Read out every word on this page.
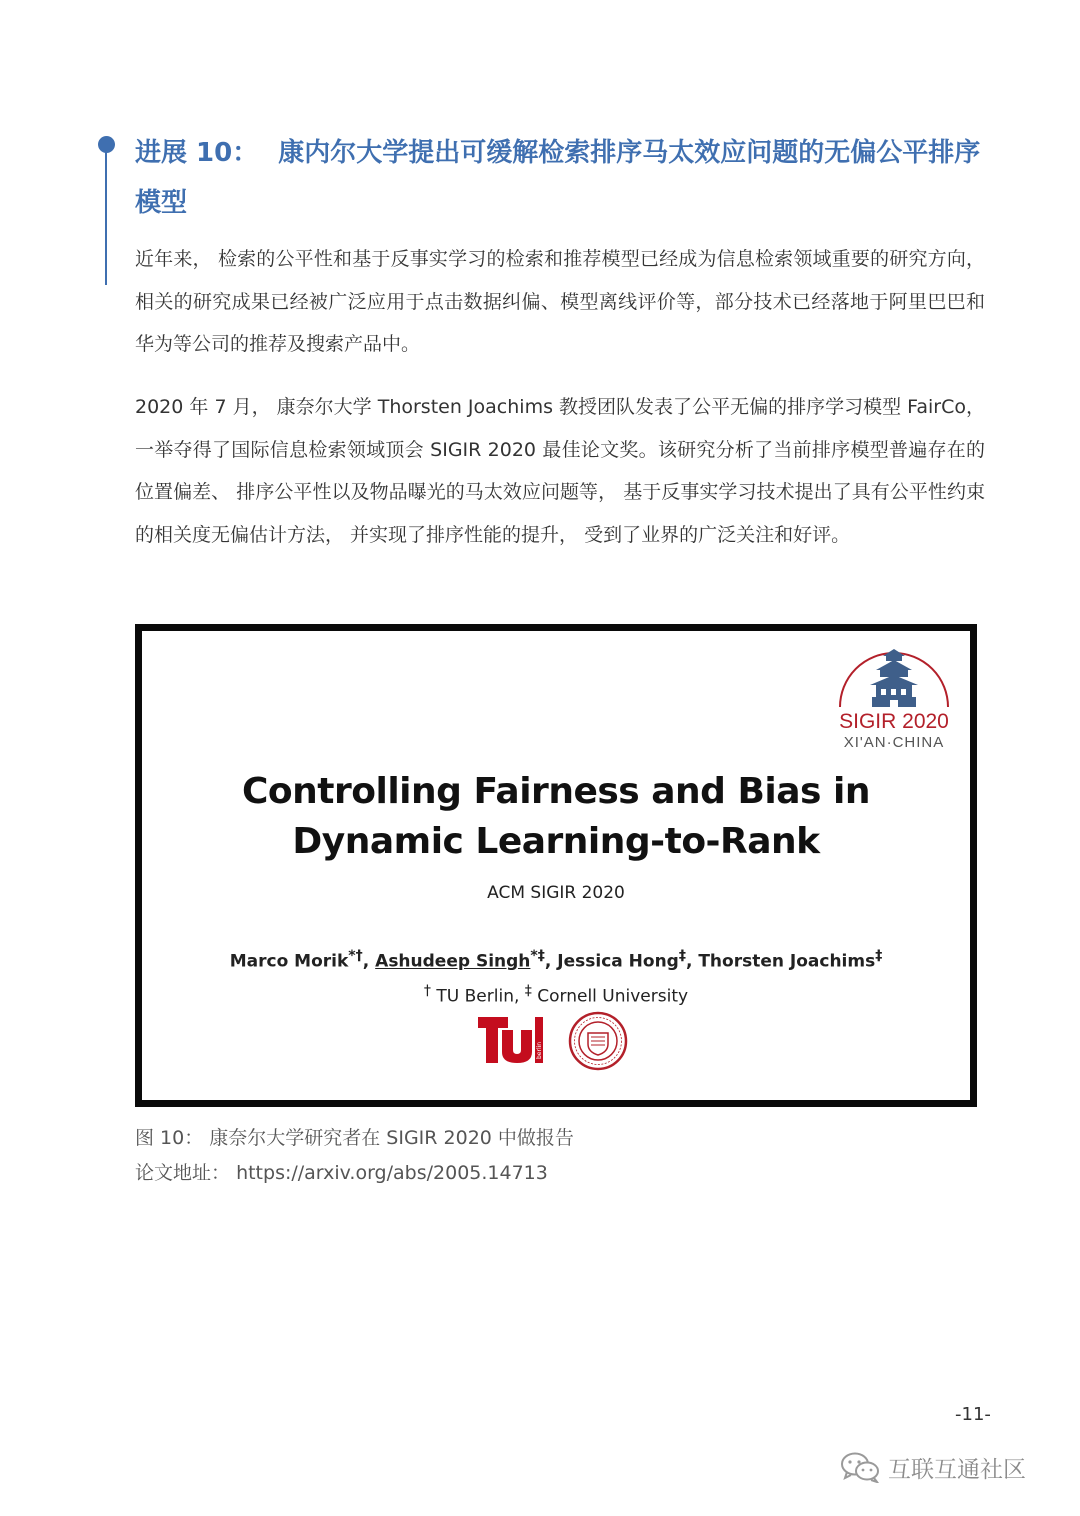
进展 10： 康内尔大学提出可缓解检索排序马太效应问题的无偏公平排序模型

近年来， 检索的公平性和基于反事实学习的检索和推荐模型已经成为信息检索领域重要的研究方向，相关的研究成果已经被广泛应用于点击数据纠偏、模型离线评价等，部分技术已经落地于阿里巴巴和华为等公司的推荐及搜索产品中。

2020 年 7 月， 康奈尔大学 Thorsten Joachims 教授团队发表了公平无偏的排序学习模型 FairCo，一举夺得了国际信息检索领域顶会 SIGIR 2020 最佳论文奖。该研究分析了当前排序模型普遍存在的位置偏差、 排序公平性以及物品曝光的马太效应问题等， 基于反事实学习技术提出了具有公平性约束的相关度无偏估计方法， 并实现了排序性能的提升， 受到了业界的广泛关注和好评。

SIGIR 2020
XI'AN·CHINA
Controlling Fairness and Bias in
Dynamic Learning-to-Rank
ACM SIGIR 2020
Marco Morik*†, Ashudeep Singh*‡, Jessica Hong‡, Thorsten Joachims‡
† TU Berlin, ‡ Cornell University
berlin

图 10： 康奈尔大学研究者在 SIGIR 2020 中做报告

论文地址： https://arxiv.org/abs/2005.14713

-11-
互联互通社区
